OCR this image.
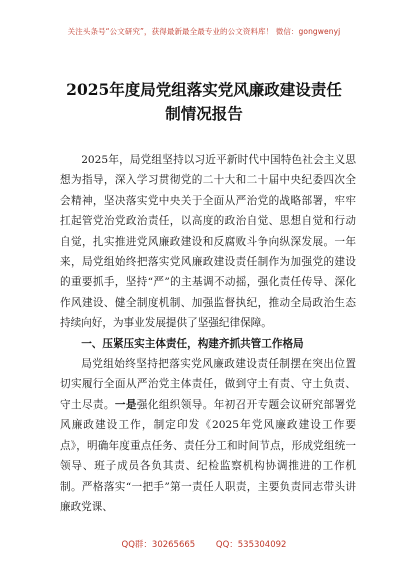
关注头条号“公文研究”，获得最新最全最专业的公文资料库！ 微信：gongwenyj
2025年度局党组落实党风廉政建设责任
制情况报告

2025年，局党组坚持以习近平新时代中国特色社会主义思想为指导，深入学习贯彻党的二十大和二十届中央纪委四次全会精神，坚决落实党中央关于全面从严治党的战略部署，牢牢扛起管党治党政治责任，以高度的政治自觉、思想自觉和行动自觉，扎实推进党风廉政建设和反腐败斗争向纵深发展。一年来，局党组始终把落实党风廉政建设责任制作为加强党的建设的重要抓手，坚持“严”的主基调不动摇，强化责任传导、深化作风建设、健全制度机制、加强监督执纪，推动全局政治生态持续向好，为事业发展提供了坚强纪律保障。

一、压紧压实主体责任，构建齐抓共管工作格局

局党组始终坚持把落实党风廉政建设责任制摆在突出位置切实履行全面从严治党主体责任，做到守土有责、守土负责、守土尽责。一是强化组织领导。年初召开专题会议研究部署党风廉政建设工作，制定印发《2025年党风廉政建设工作要点》，明确年度重点任务、责任分工和时间节点，形成党组统一领导、班子成员各负其责、纪检监察机构协调推进的工作机制。严格落实“一把手”第一责任人职责，主要负责同志带头讲廉政党课、

QQ群：30265665 QQ：535304092
